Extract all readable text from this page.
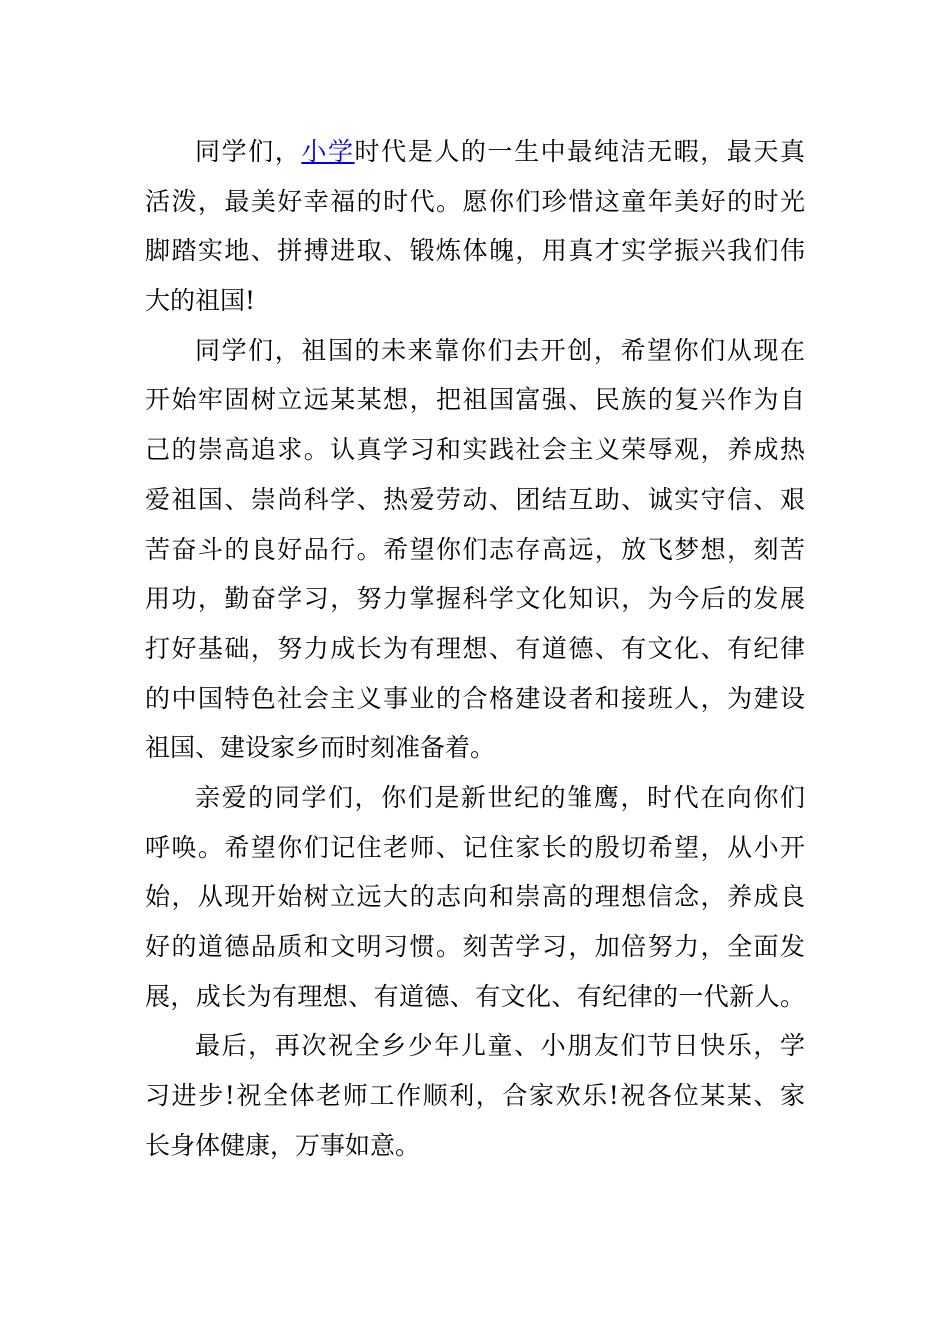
同学们，小学时代是人的一生中最纯洁无暇，最天真
活泼，最美好幸福的时代。愿你们珍惜这童年美好的时光
脚踏实地、拼搏进取、锻炼体魄，用真才实学振兴我们伟
大的祖国!
同学们，祖国的未来靠你们去开创，希望你们从现在
开始牢固树立远某某想，把祖国富强、民族的复兴作为自
己的崇高追求。认真学习和实践社会主义荣辱观，养成热
爱祖国、崇尚科学、热爱劳动、团结互助、诚实守信、艰
苦奋斗的良好品行。希望你们志存高远，放飞梦想，刻苦
用功，勤奋学习，努力掌握科学文化知识，为今后的发展
打好基础，努力成长为有理想、有道德、有文化、有纪律
的中国特色社会主义事业的合格建设者和接班人，为建设
祖国、建设家乡而时刻准备着。
亲爱的同学们，你们是新世纪的雏鹰，时代在向你们
呼唤。希望你们记住老师、记住家长的殷切希望，从小开
始，从现开始树立远大的志向和崇高的理想信念，养成良
好的道德品质和文明习惯。刻苦学习，加倍努力，全面发
展，成长为有理想、有道德、有文化、有纪律的一代新人。
最后，再次祝全乡少年儿童、小朋友们节日快乐，学
习进步!祝全体老师工作顺利，合家欢乐!祝各位某某、家
长身体健康，万事如意。
